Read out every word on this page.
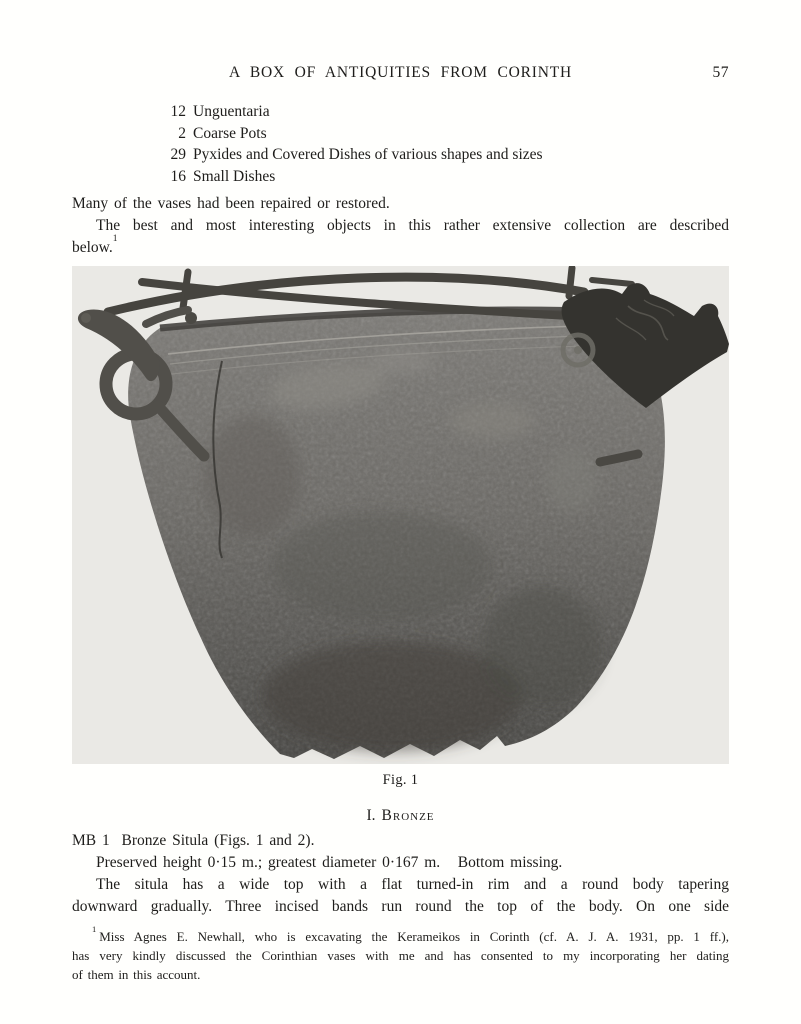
A BOX OF ANTIQUITIES FROM CORINTH	57
12 Unguentaria
2 Coarse Pots
29 Pyxides and Covered Dishes of various shapes and sizes
16 Small Dishes
Many of the vases had been repaired or restored.
The best and most interesting objects in this rather extensive collection are described
below.$^1$
Fig. 1
I. Bronze
MB 1  Bronze Situla (Figs. 1 and 2).
Preserved height 0·15 m.; greatest diameter 0·167 m.   Bottom missing.
The situla has a wide top with a flat turned-in rim and a round body tapering
downward gradually. Three incised bands run round the top of the body. On one side
$^1$Miss Agnes E. Newhall, who is excavating the Kerameikos in Corinth (cf. A. J. A. 1931, pp. 1 ff.),
has very kindly discussed the Corinthian vases with me and has consented to my incorporating her dating
of them in this account.
